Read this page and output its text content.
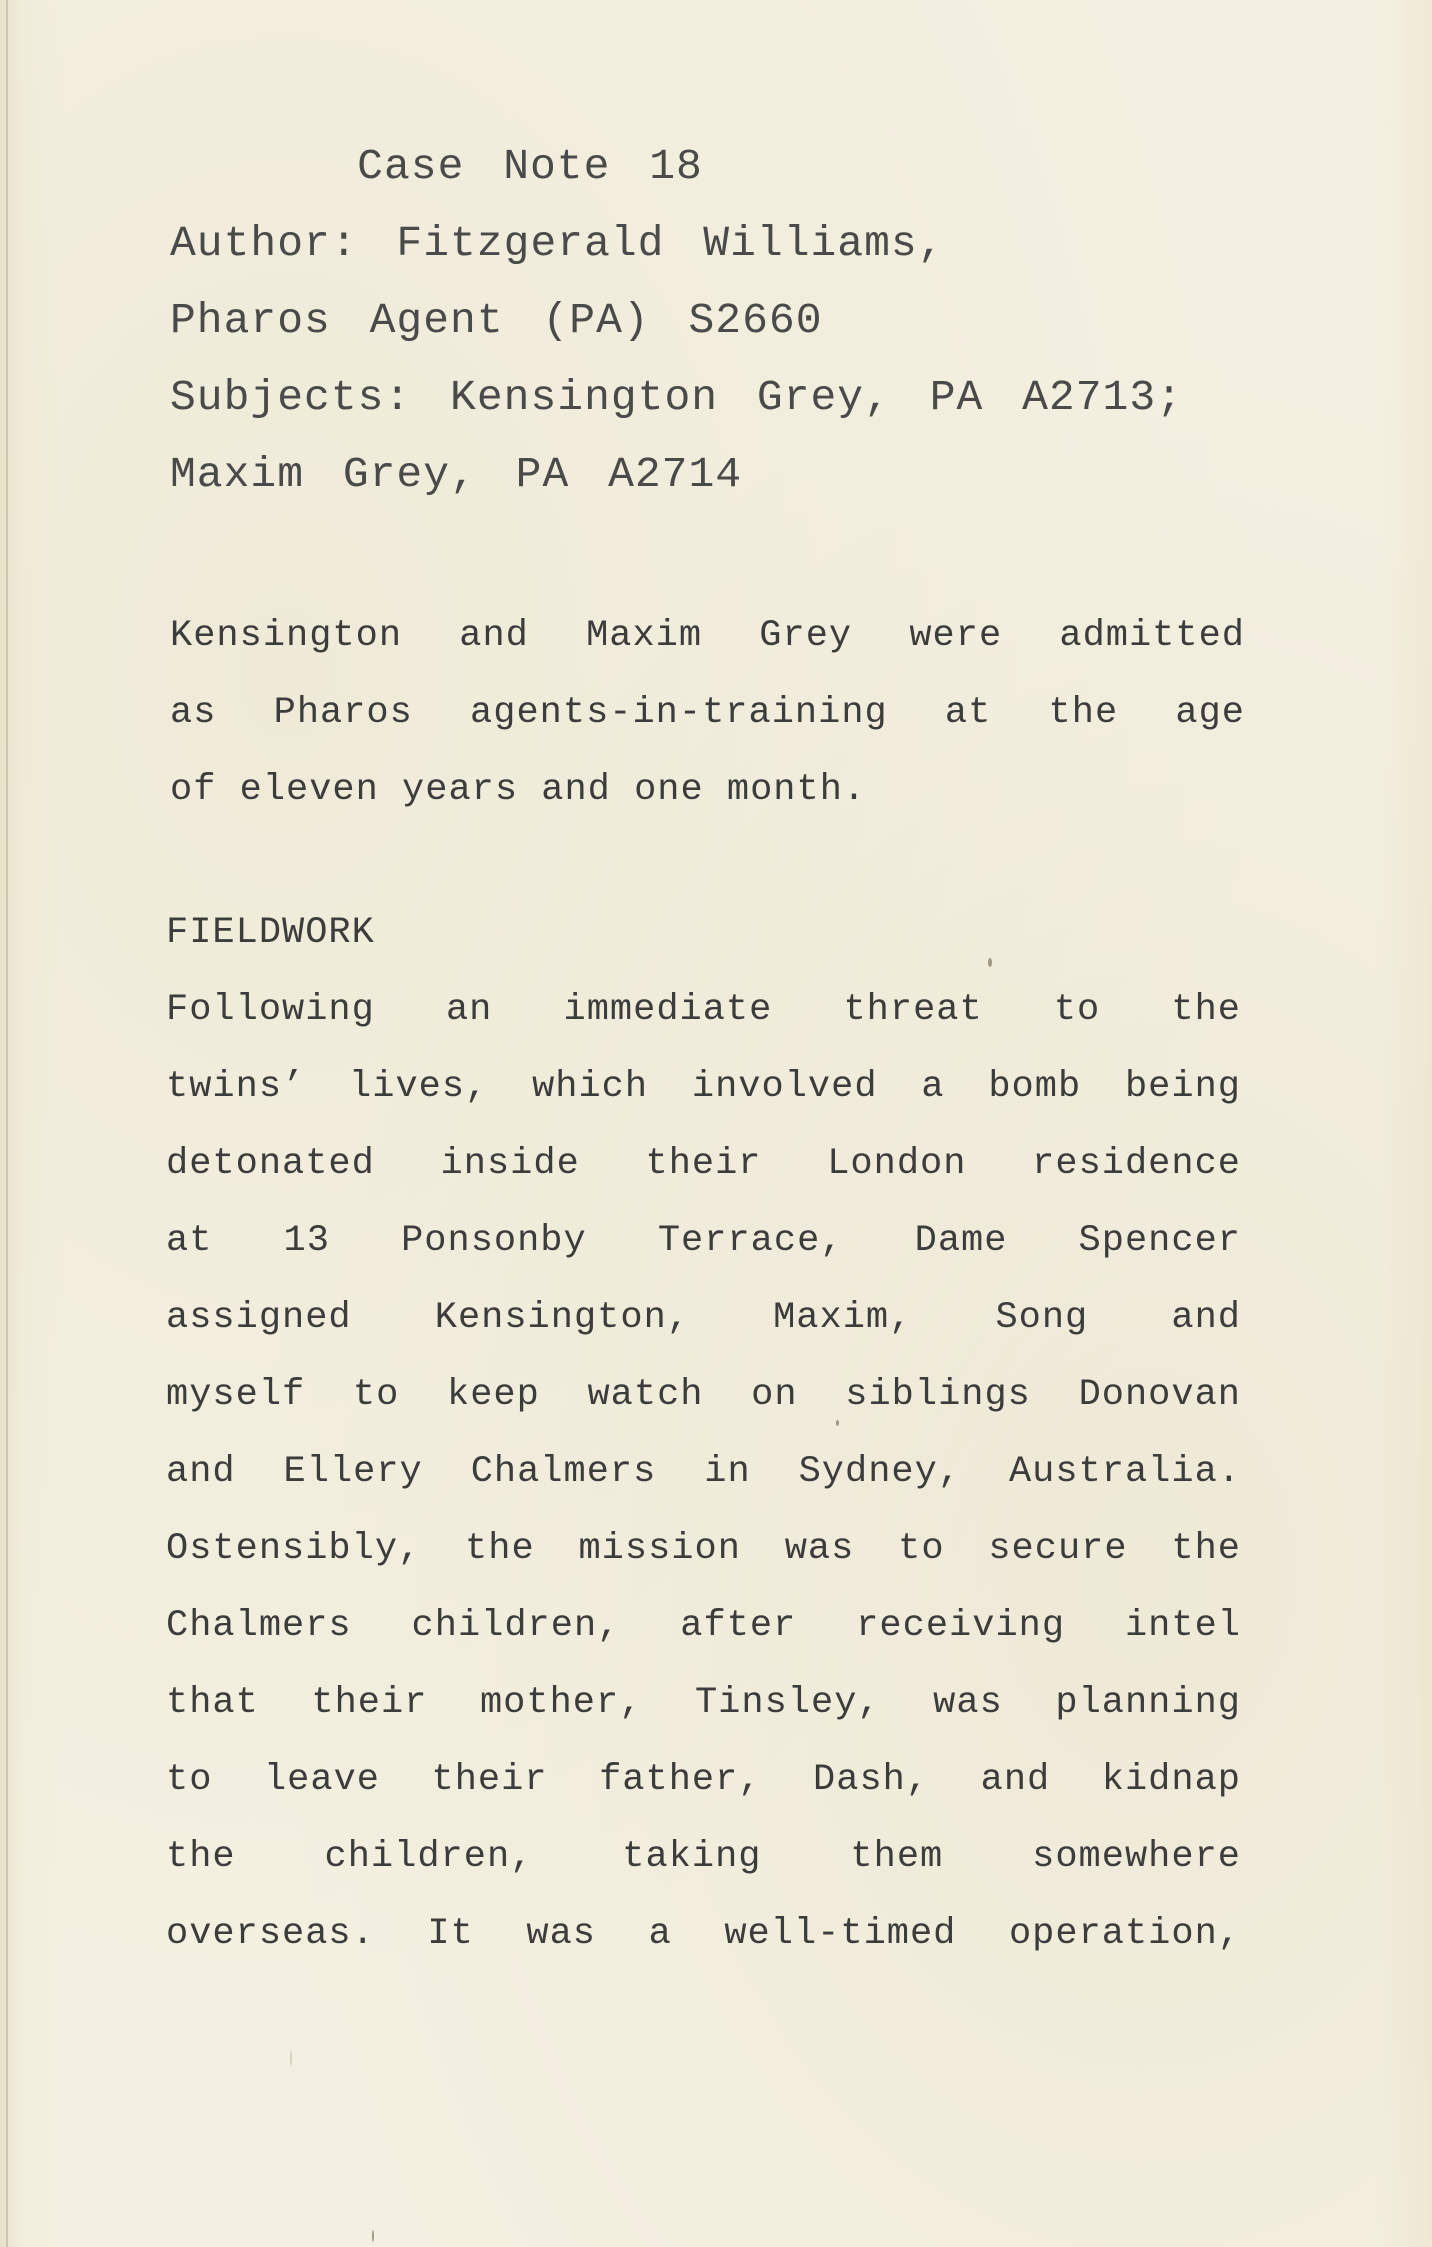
Case Note 18
Author: Fitzgerald Williams,
Pharos Agent (PA) S2660
Subjects: Kensington Grey, PA A2713;
Maxim Grey, PA A2714
Kensington and Maxim Grey were admitted
as Pharos agents-in-training at the age
of eleven years and one month.
FIELDWORK
Following an immediate threat to the
twins’ lives, which involved a bomb being
detonated inside their London residence
at 13 Ponsonby Terrace, Dame Spencer
assigned Kensington, Maxim, Song and
myself to keep watch on siblings Donovan
and Ellery Chalmers in Sydney, Australia.
Ostensibly, the mission was to secure the
Chalmers children, after receiving intel
that their mother, Tinsley, was planning
to leave their father, Dash, and kidnap
the children, taking them somewhere
overseas. It was a well-timed operation,
